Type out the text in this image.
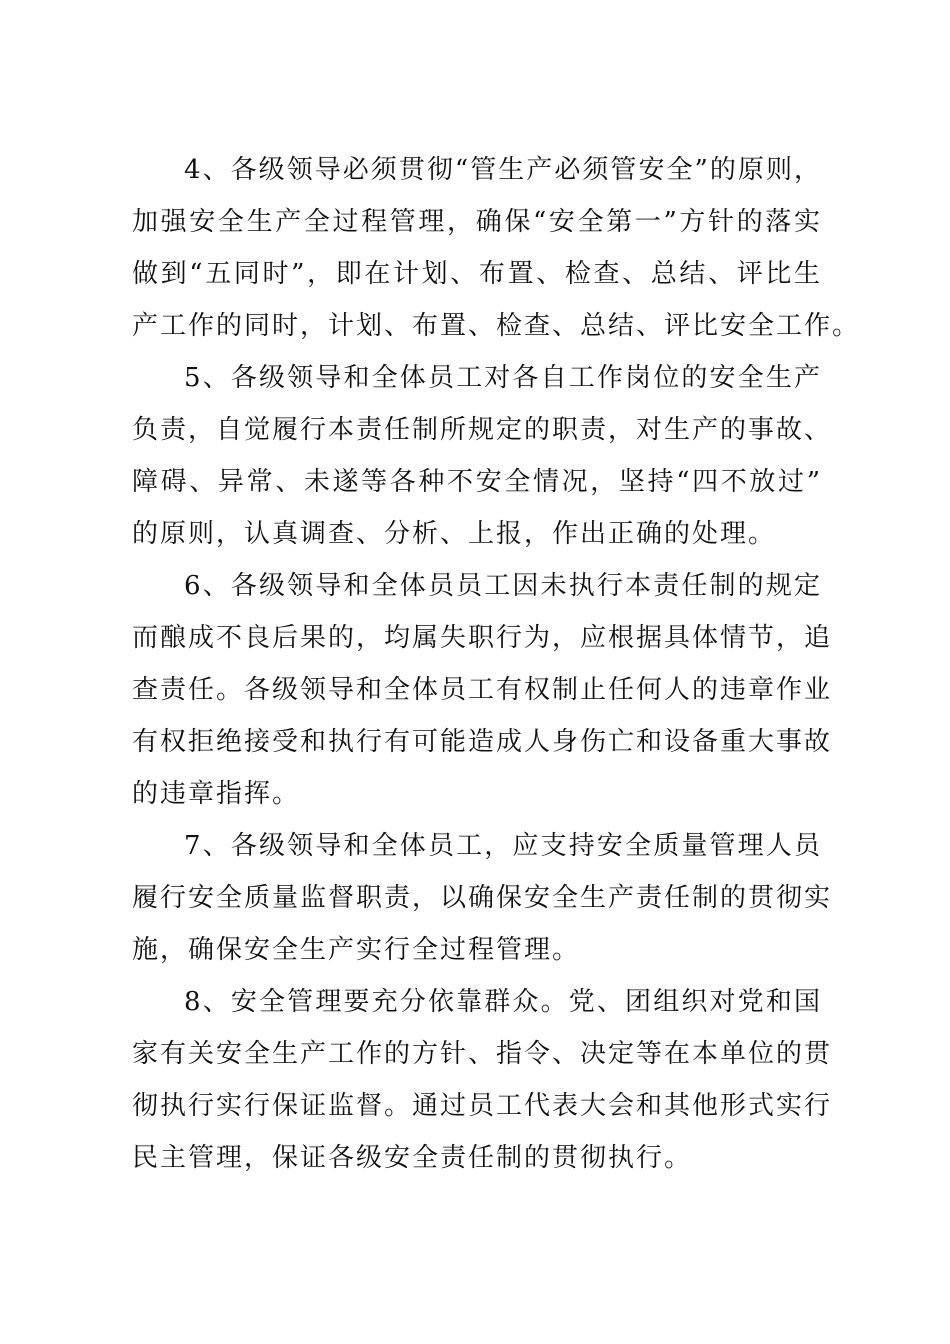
4、各级领导必须贯彻“管生产必须管安全”的原则，
加强安全生产全过程管理，确保“安全第一”方针的落实
做到“五同时”，即在计划、布置、检查、总结、评比生
产工作的同时，计划、布置、检查、总结、评比安全工作。
5、各级领导和全体员工对各自工作岗位的安全生产
负责，自觉履行本责任制所规定的职责，对生产的事故、
障碍、异常、未遂等各种不安全情况，坚持“四不放过”
的原则，认真调查、分析、上报，作出正确的处理。
6、各级领导和全体员员工因未执行本责任制的规定
而酿成不良后果的，均属失职行为，应根据具体情节，追
查责任。各级领导和全体员工有权制止任何人的违章作业
有权拒绝接受和执行有可能造成人身伤亡和设备重大事故
的违章指挥。
7、各级领导和全体员工，应支持安全质量管理人员
履行安全质量监督职责，以确保安全生产责任制的贯彻实
施，确保安全生产实行全过程管理。
8、安全管理要充分依靠群众。党、团组织对党和国
家有关安全生产工作的方针、指令、决定等在本单位的贯
彻执行实行保证监督。通过员工代表大会和其他形式实行
民主管理，保证各级安全责任制的贯彻执行。
